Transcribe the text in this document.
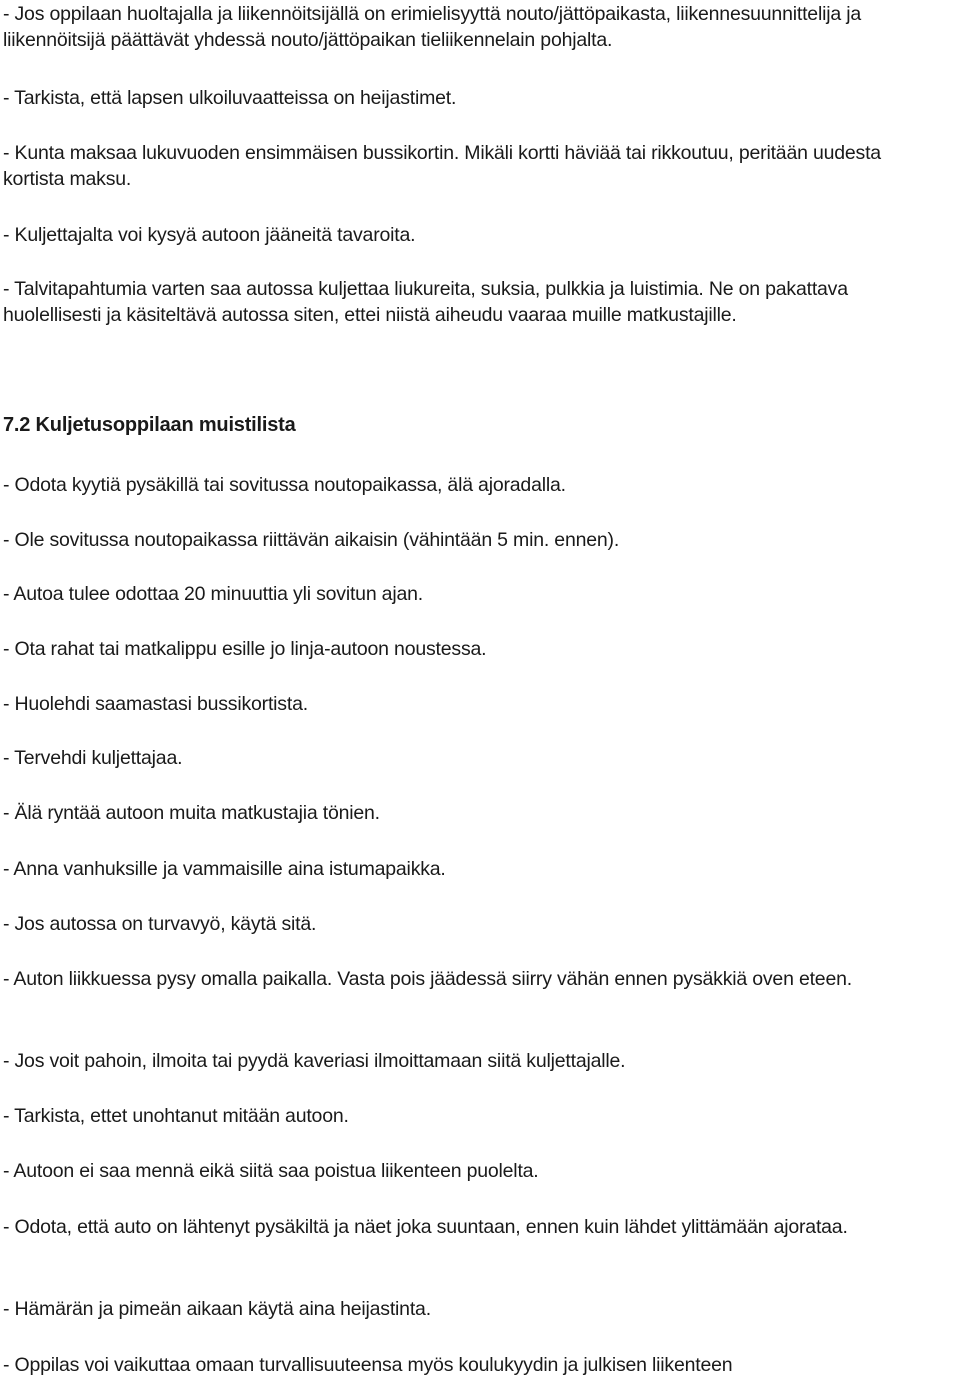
- Jos oppilaan huoltajalla ja liikennöitsijällä on erimielisyyttä nouto/jättöpaikasta, liikennesuunnittelija ja liikennöitsijä päättävät yhdessä nouto/jättöpaikan tieliikennelain pohjalta.

- Tarkista, että lapsen ulkoiluvaatteissa on heijastimet.

- Kunta maksaa lukuvuoden ensimmäisen bussikortin. Mikäli kortti häviää tai rikkoutuu, peritään uudesta kortista maksu.

- Kuljettajalta voi kysyä autoon jääneitä tavaroita.

- Talvitapahtumia varten saa autossa kuljettaa liukureita, suksia, pulkkia ja luistimia. Ne on pakattava huolellisesti ja käsiteltävä autossa siten, ettei niistä aiheudu vaaraa muille matkustajille.

7.2 Kuljetusoppilaan muistilista

- Odota kyytiä pysäkillä tai sovitussa noutopaikassa, älä ajoradalla.

- Ole sovitussa noutopaikassa riittävän aikaisin (vähintään 5 min. ennen).

- Autoa tulee odottaa 20 minuuttia yli sovitun ajan.

- Ota rahat tai matkalippu esille jo linja-autoon noustessa.

- Huolehdi saamastasi bussikortista.

- Tervehdi kuljettajaa.

- Älä ryntää autoon muita matkustajia tönien.

- Anna vanhuksille ja vammaisille aina istumapaikka.

- Jos autossa on turvavyö, käytä sitä.

- Auton liikkuessa pysy omalla paikalla. Vasta pois jäädessä siirry vähän ennen pysäkkiä oven eteen.

- Jos voit pahoin, ilmoita tai pyydä kaveriasi ilmoittamaan siitä kuljettajalle.

- Tarkista, ettet unohtanut mitään autoon.

- Autoon ei saa mennä eikä siitä saa poistua liikenteen puolelta.

- Odota, että auto on lähtenyt pysäkiltä ja näet joka suuntaan, ennen kuin lähdet ylittämään ajorataa.

- Hämärän ja pimeän aikaan käytä aina heijastinta.

- Oppilas voi vaikuttaa omaan turvallisuuteensa myös koulukyydin ja julkisen liikenteen
